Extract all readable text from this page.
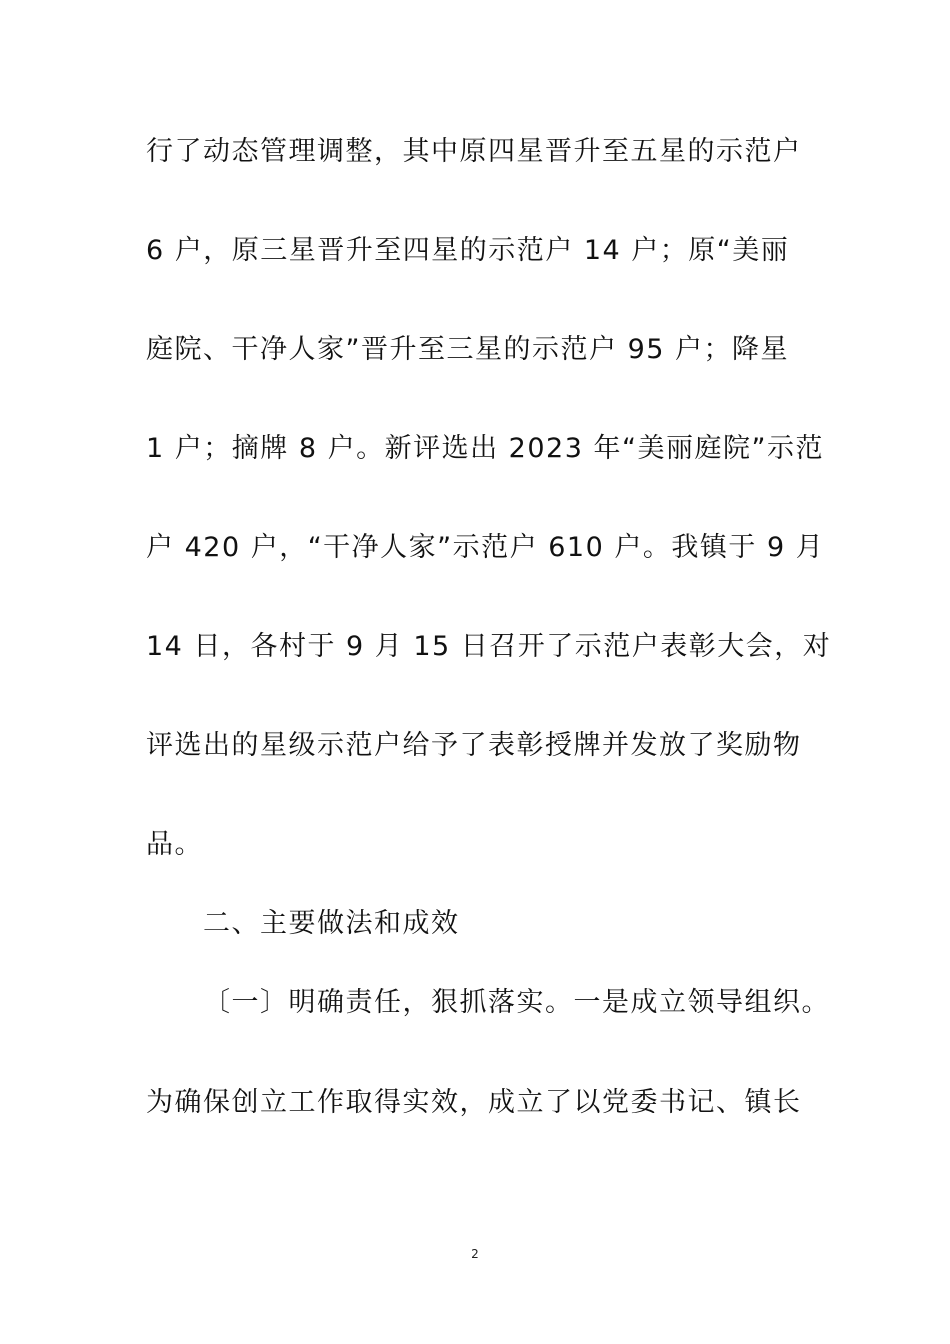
行了动态管理调整，其中原四星晋升至五星的示范户
6 户，原三星晋升至四星的示范户 14 户；原“美丽
庭院、干净人家”晋升至三星的示范户 95 户；降星
1 户；摘牌 8 户。新评选出 2023 年“美丽庭院”示范
户 420 户，“干净人家”示范户 610 户。我镇于 9 月
14 日，各村于 9 月 15 日召开了示范户表彰大会，对
评选出的星级示范户给予了表彰授牌并发放了奖励物
品。
二、主要做法和成效
〔一〕明确责任，狠抓落实。一是成立领导组织。
为确保创立工作取得实效，成立了以党委书记、镇长
2
